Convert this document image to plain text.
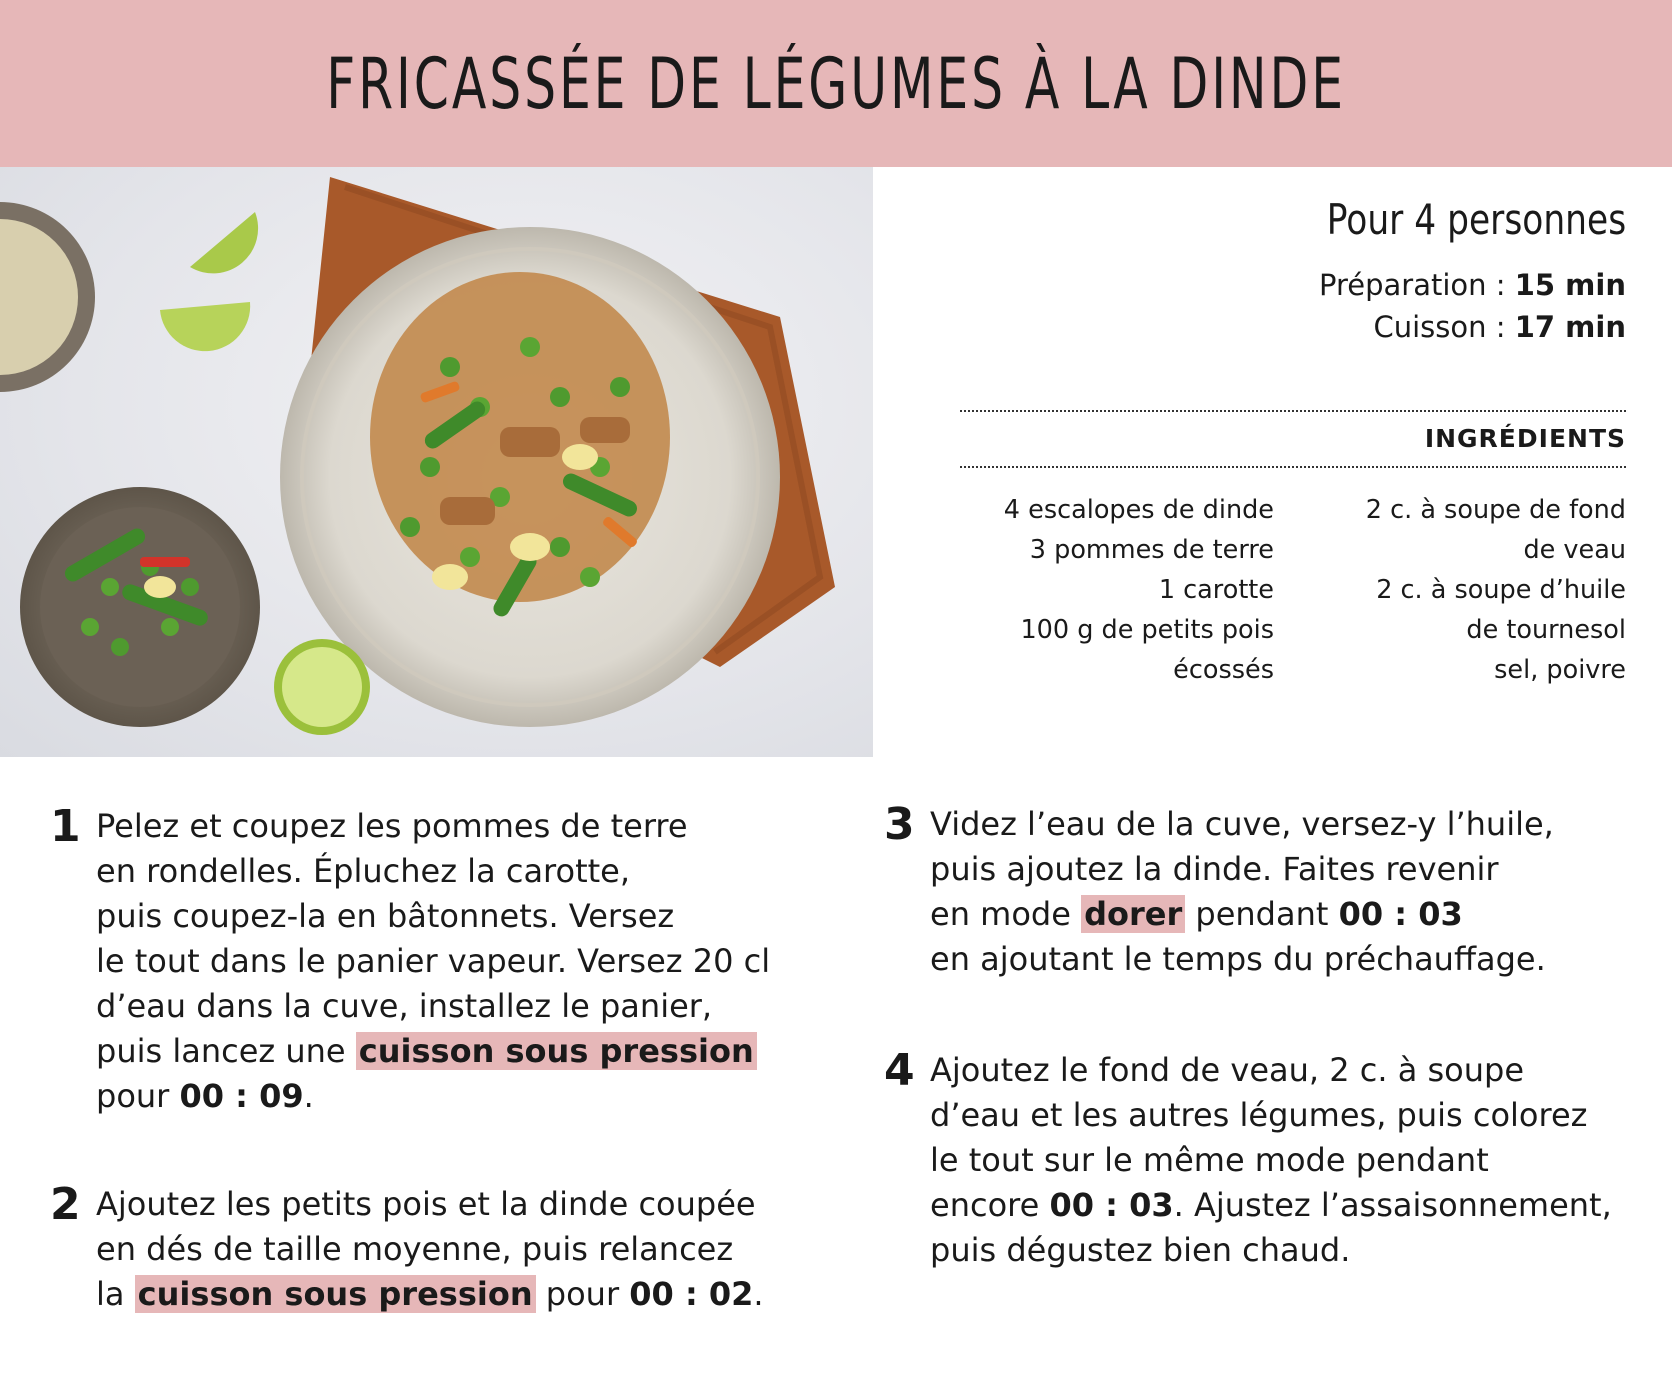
FRICASSÉE DE LÉGUMES À LA DINDE
Pour 4 personnes
Préparation : 15 min
Cuisson : 17 min
INGRÉDIENTS
4 escalopes de dinde
3 pommes de terre
1 carotte
100 g de petits pois
écossés
2 c. à soupe de fond
de veau
2 c. à soupe d’huile
de tournesol
sel, poivre
1 Pelez et coupez les pommes de terre
en rondelles. Épluchez la carotte,
puis coupez-la en bâtonnets. Versez
le tout dans le panier vapeur. Versez 20 cl
d’eau dans la cuve, installez le panier,
puis lancez une cuisson sous pression
pour 00 : 09.
2 Ajoutez les petits pois et la dinde coupée
en dés de taille moyenne, puis relancez
la cuisson sous pression pour 00 : 02.
3 Videz l’eau de la cuve, versez-y l’huile,
puis ajoutez la dinde. Faites revenir
en mode dorer pendant 00 : 03
en ajoutant le temps du préchauffage.
4 Ajoutez le fond de veau, 2 c. à soupe
d’eau et les autres légumes, puis colorez
le tout sur le même mode pendant
encore 00 : 03. Ajustez l’assaisonnement,
puis dégustez bien chaud.
